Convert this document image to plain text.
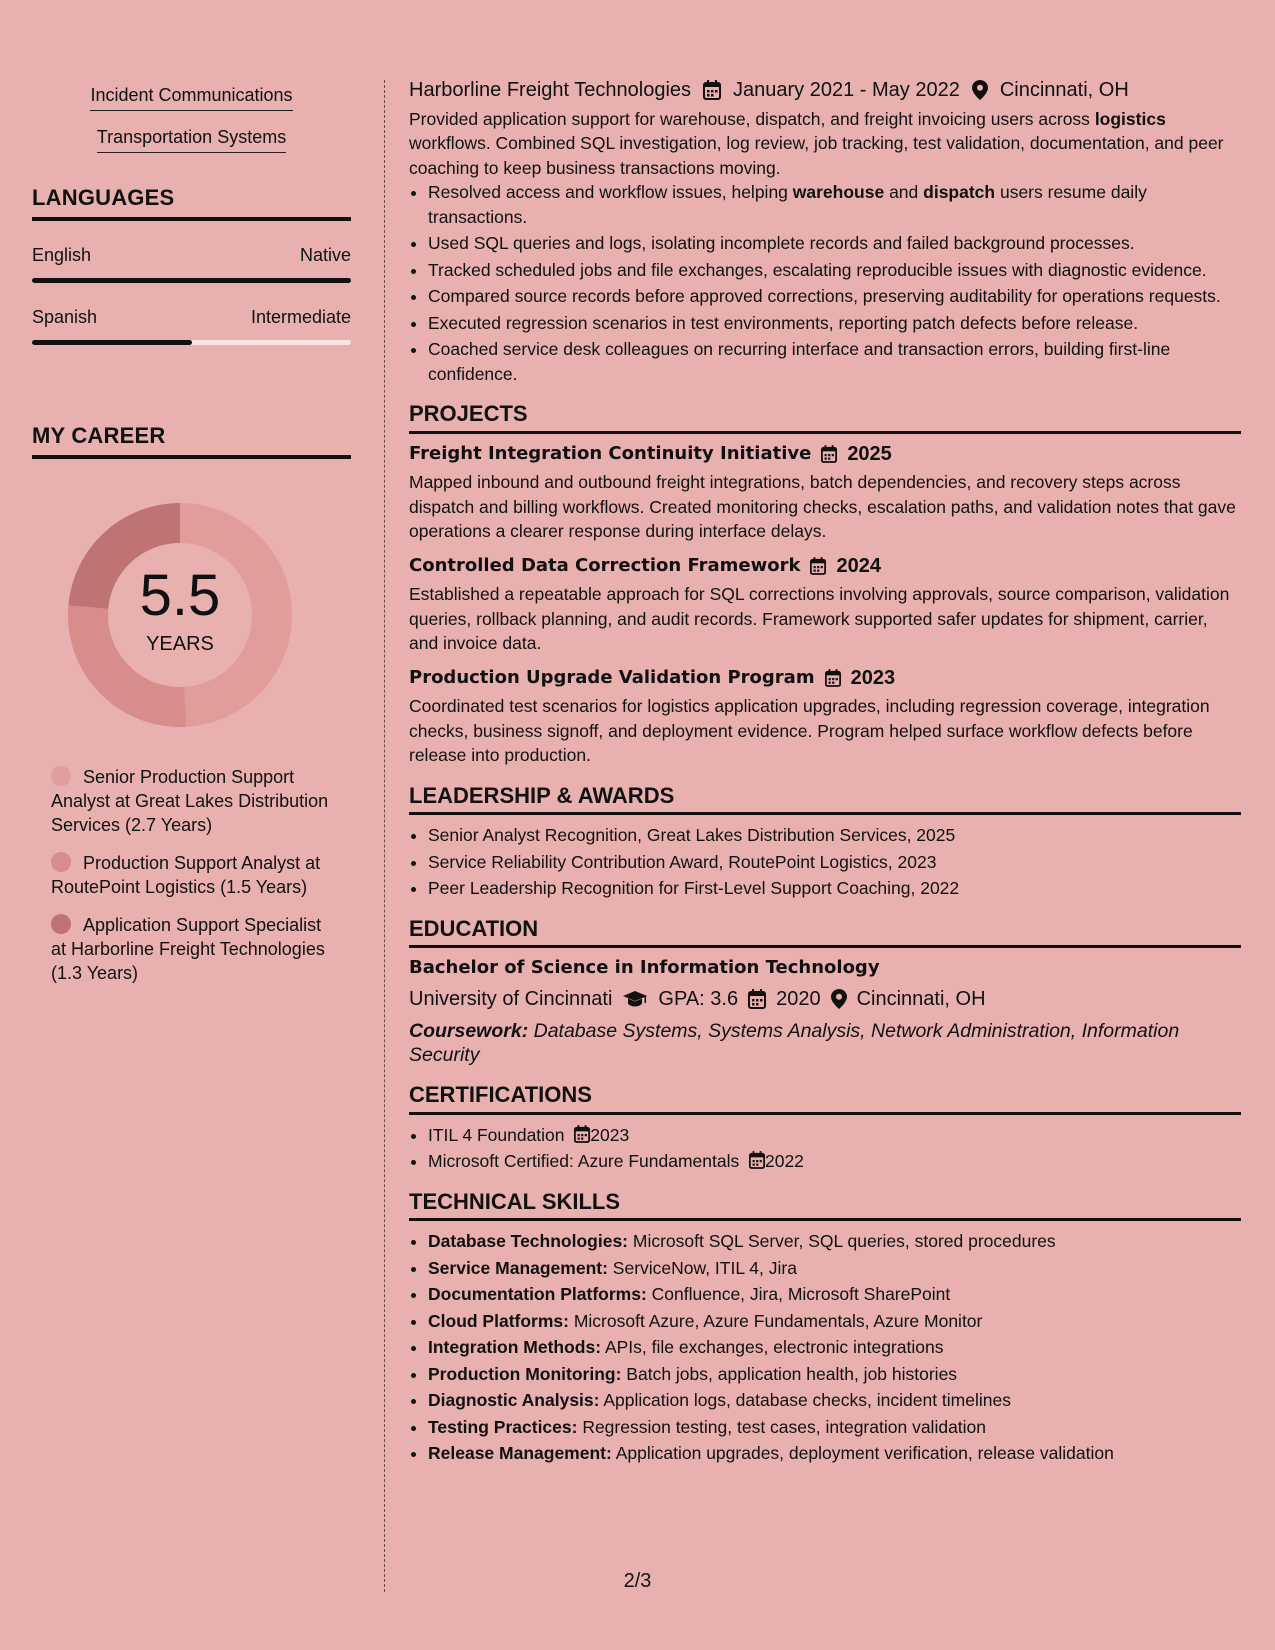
Incident Communications
Transportation Systems
LANGUAGES
English	Native
Spanish	Intermediate
MY CAREER
5.5
YEARS
Senior Production Support Analyst at Great Lakes Distribution Services (2.7 Years)
Production Support Analyst at RoutePoint Logistics (1.5 Years)
Application Support Specialist at Harborline Freight Technologies (1.3 Years)
Harborline Freight Technologies January 2021 - May 2022 Cincinnati, OH

Provided application support for warehouse, dispatch, and freight invoicing users across logistics workflows. Combined SQL investigation, log review, job tracking, test validation, documentation, and peer coaching to keep business transactions moving.

• Resolved access and workflow issues, helping warehouse and dispatch users resume daily transactions.
• Used SQL queries and logs, isolating incomplete records and failed background processes.
• Tracked scheduled jobs and file exchanges, escalating reproducible issues with diagnostic evidence.
• Compared source records before approved corrections, preserving auditability for operations requests.
• Executed regression scenarios in test environments, reporting patch defects before release.
• Coached service desk colleagues on recurring interface and transaction errors, building first-line confidence.
PROJECTS
Freight Integration Continuity Initiative 2025

Mapped inbound and outbound freight integrations, batch dependencies, and recovery steps across dispatch and billing workflows. Created monitoring checks, escalation paths, and validation notes that gave operations a clearer response during interface delays.

Controlled Data Correction Framework 2024

Established a repeatable approach for SQL corrections involving approvals, source comparison, validation queries, rollback planning, and audit records. Framework supported safer updates for shipment, carrier, and invoice data.

Production Upgrade Validation Program 2023

Coordinated test scenarios for logistics application upgrades, including regression coverage, integration checks, business signoff, and deployment evidence. Program helped surface workflow defects before release into production.

LEADERSHIP & AWARDS
• Senior Analyst Recognition, Great Lakes Distribution Services, 2025
• Service Reliability Contribution Award, RoutePoint Logistics, 2023
• Peer Leadership Recognition for First-Level Support Coaching, 2022
EDUCATION
Bachelor of Science in Information Technology
University of Cincinnati GPA: 3.6 2020 Cincinnati, OH
Coursework: Database Systems, Systems Analysis, Network Administration, Information Security
CERTIFICATIONS
• ITIL 4 Foundation 2023
• Microsoft Certified: Azure Fundamentals 2022
TECHNICAL SKILLS
• Database Technologies: Microsoft SQL Server, SQL queries, stored procedures
• Service Management: ServiceNow, ITIL 4, Jira
• Documentation Platforms: Confluence, Jira, Microsoft SharePoint
• Cloud Platforms: Microsoft Azure, Azure Fundamentals, Azure Monitor
• Integration Methods: APIs, file exchanges, electronic integrations
• Production Monitoring: Batch jobs, application health, job histories
• Diagnostic Analysis: Application logs, database checks, incident timelines
• Testing Practices: Regression testing, test cases, integration validation
• Release Management: Application upgrades, deployment verification, release validation
2/3
